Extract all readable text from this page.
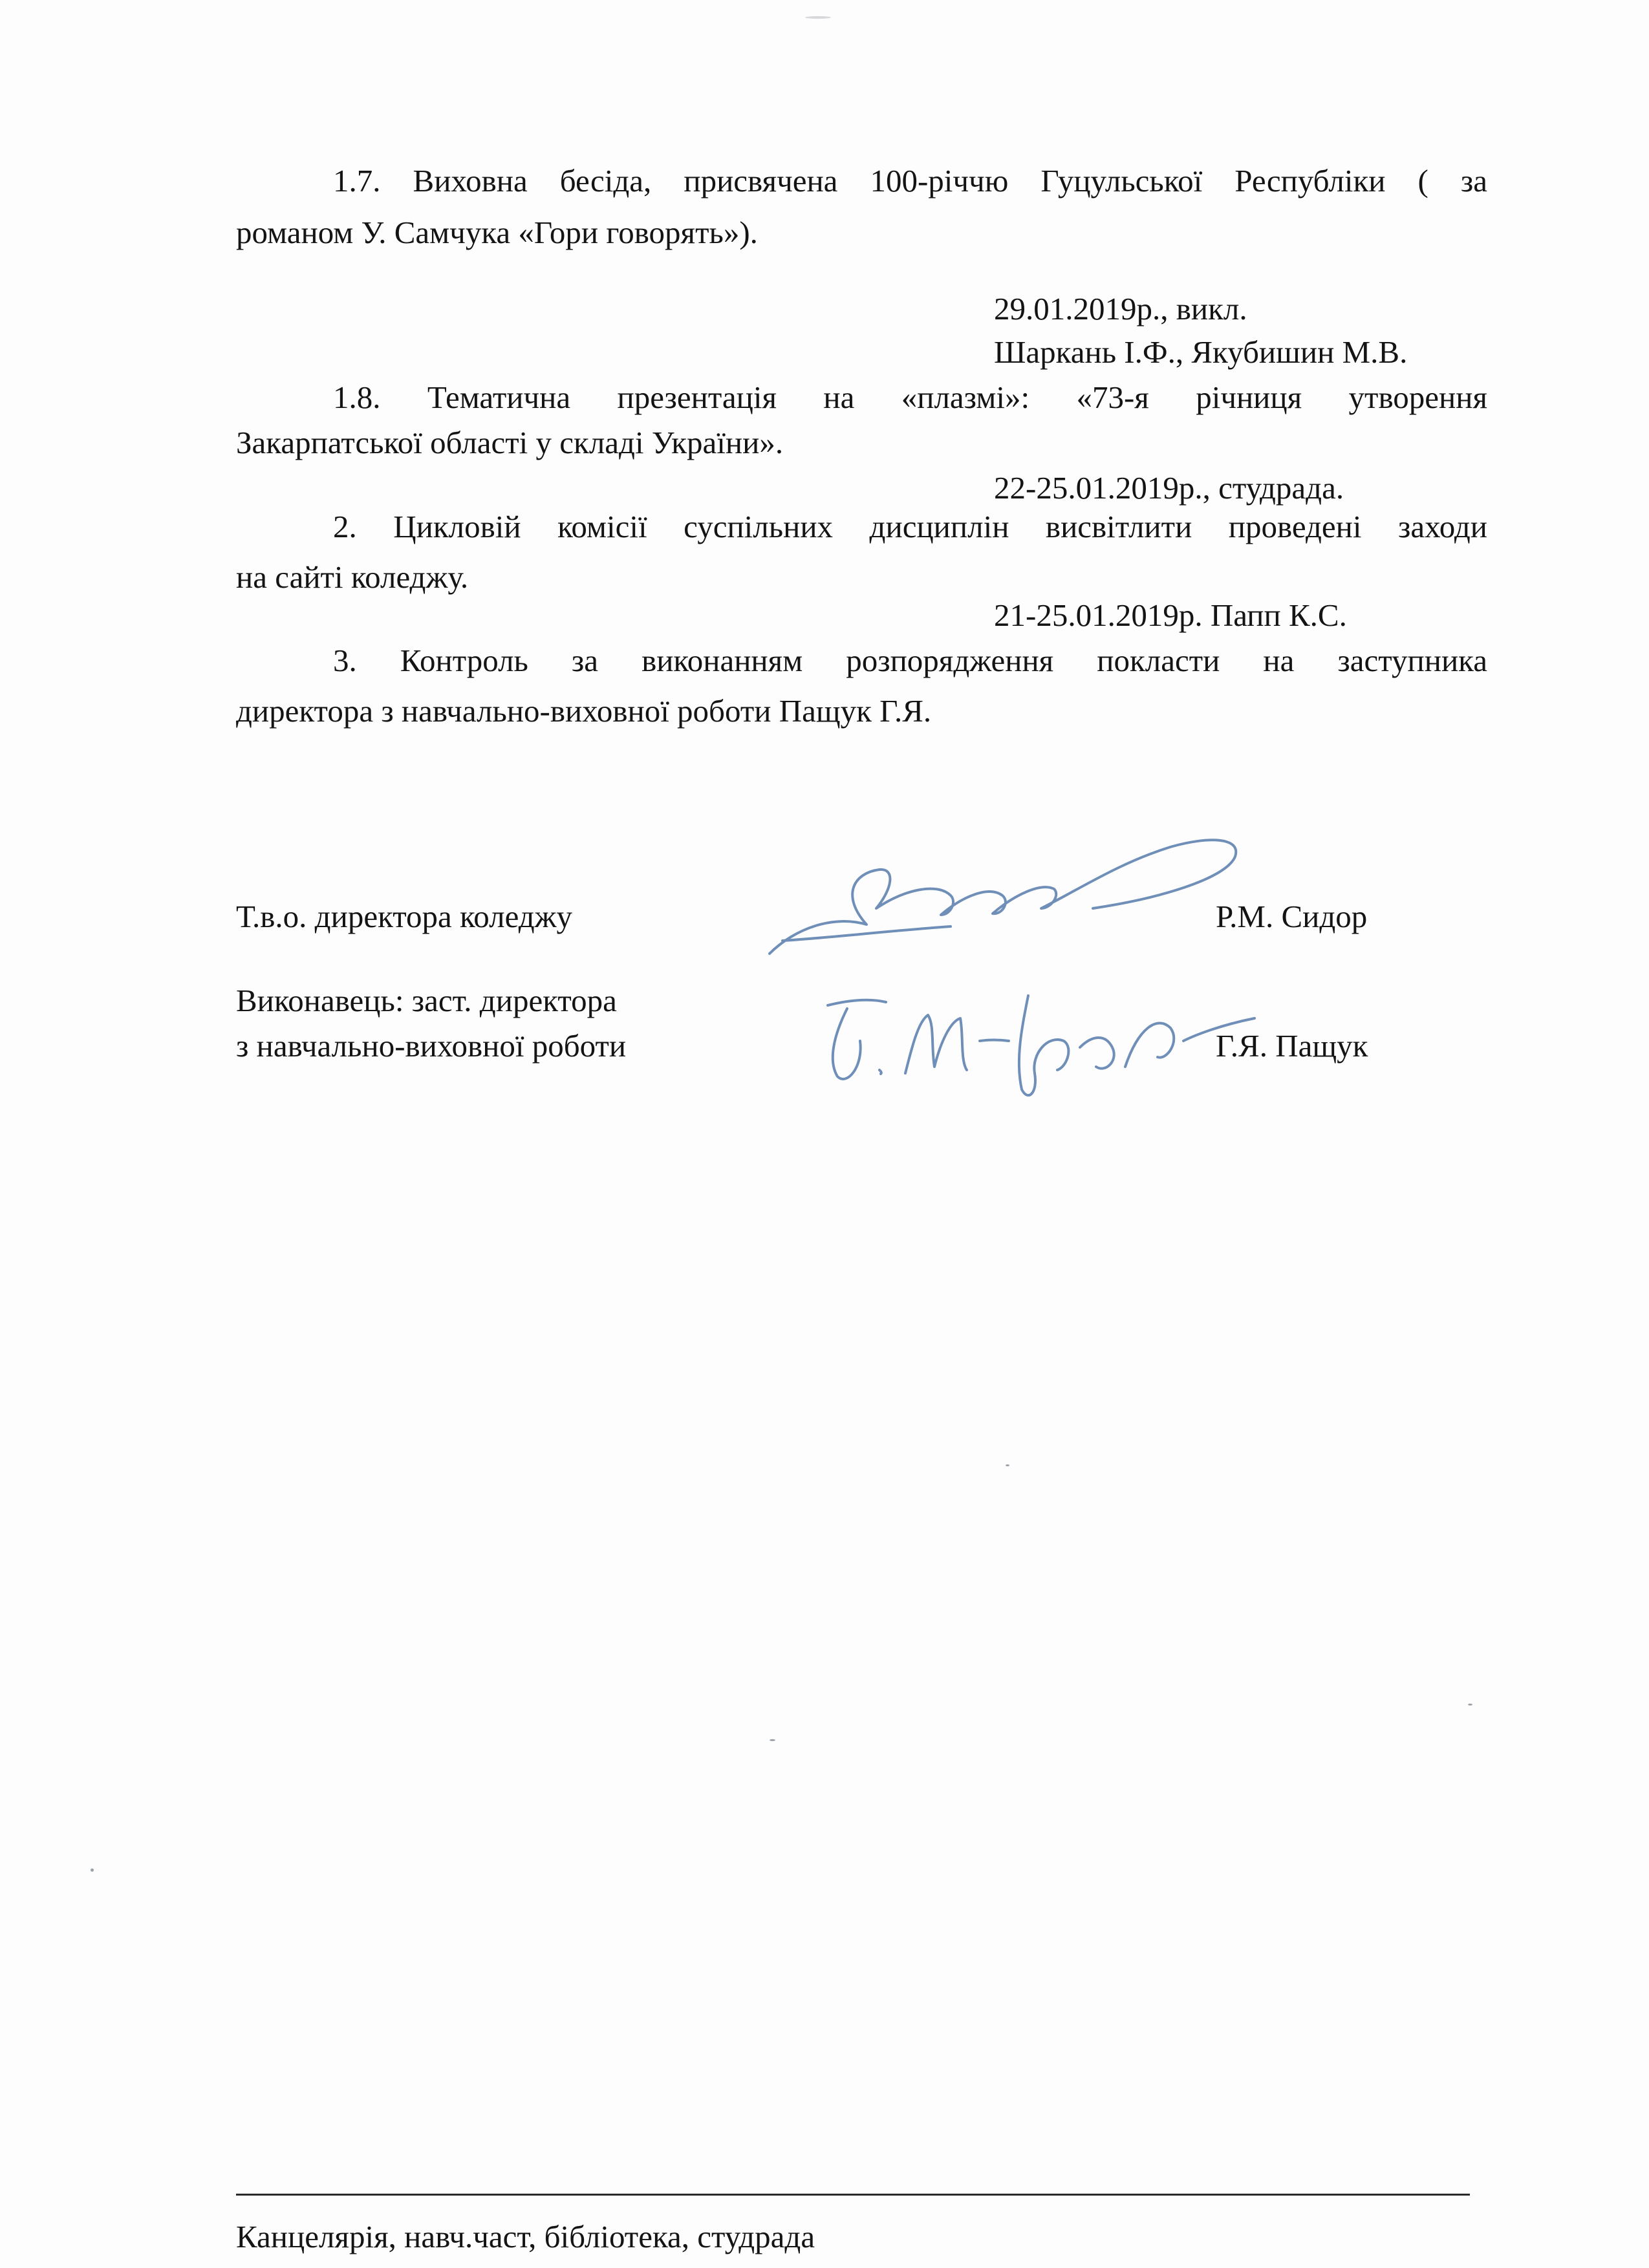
1.7. Виховна бесіда, присвячена 100-річчю Гуцульської Республіки ( за
романом У. Самчука «Гори говорять»).
29.01.2019р., викл.
Шаркань І.Ф., Якубишин М.В.
1.8. Тематична презентація на «плазмі»: «73-я річниця утворення
Закарпатської області у складі України».
22-25.01.2019р., студрада.
2. Цикловій комісії суспільних дисциплін висвітлити проведені заходи
на сайті коледжу.
21-25.01.2019р. Папп К.С.
3. Контроль за виконанням розпорядження покласти на заступника
директора з навчально-виховної роботи Пащук Г.Я.
Т.в.о. директора коледжу	Р.М. Сидор
Виконавець: заст. директора
з навчально-виховної роботи	Г.Я. Пащук
Канцелярія, навч.част, бібліотека, студрада
